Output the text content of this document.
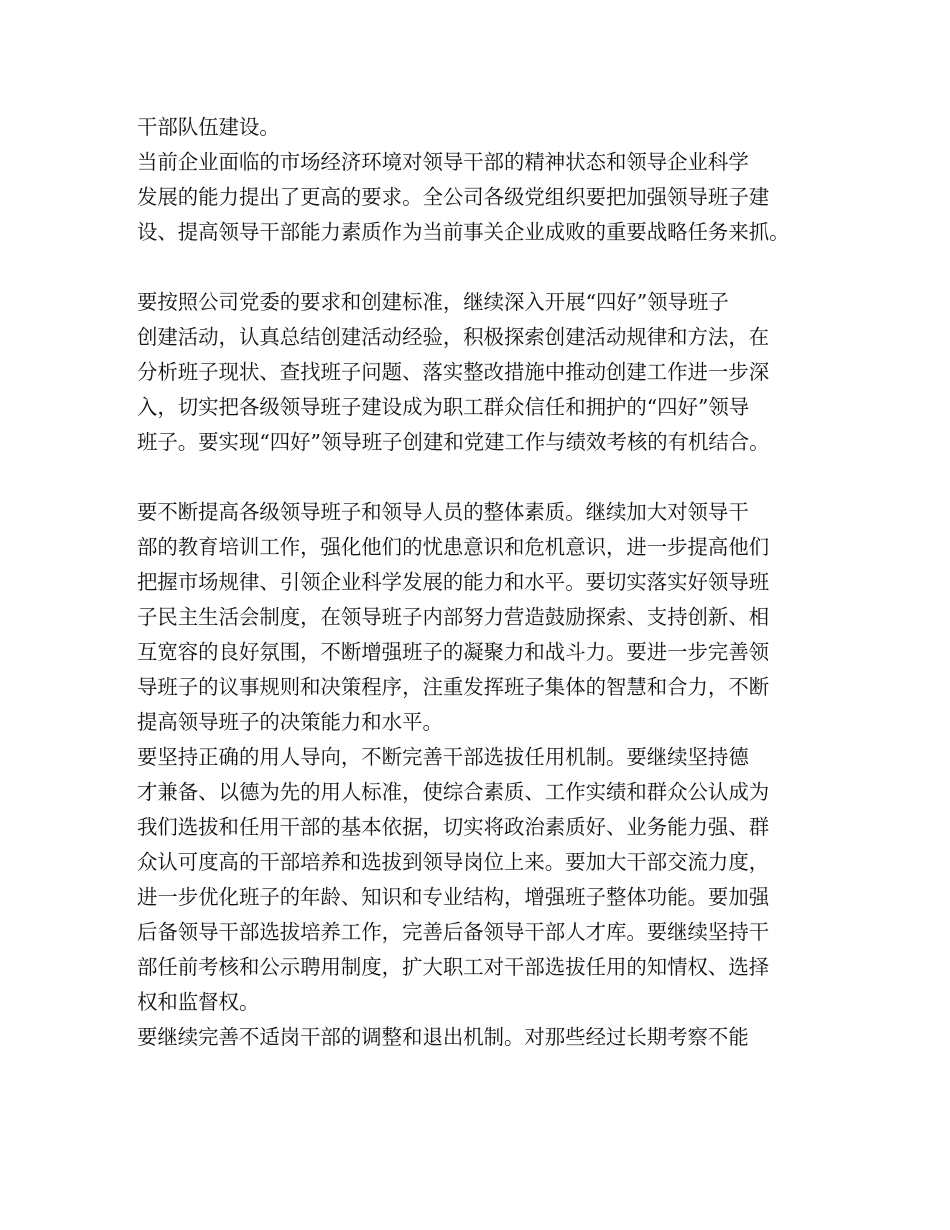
干部队伍建设。
当前企业面临的市场经济环境对领导干部的精神状态和领导企业科学
发展的能力提出了更高的要求。全公司各级党组织要把加强领导班子建
设、提高领导干部能力素质作为当前事关企业成败的重要战略任务来抓。
要按照公司党委的要求和创建标准，继续深入开展“四好”领导班子
创建活动，认真总结创建活动经验，积极探索创建活动规律和方法，在
分析班子现状、查找班子问题、落实整改措施中推动创建工作进一步深
入，切实把各级领导班子建设成为职工群众信任和拥护的“四好”领导
班子。要实现“四好”领导班子创建和党建工作与绩效考核的有机结合。
要不断提高各级领导班子和领导人员的整体素质。继续加大对领导干
部的教育培训工作，强化他们的忧患意识和危机意识，进一步提高他们
把握市场规律、引领企业科学发展的能力和水平。要切实落实好领导班
子民主生活会制度，在领导班子内部努力营造鼓励探索、支持创新、相
互宽容的良好氛围，不断增强班子的凝聚力和战斗力。要进一步完善领
导班子的议事规则和决策程序，注重发挥班子集体的智慧和合力，不断
提高领导班子的决策能力和水平。
要坚持正确的用人导向，不断完善干部选拔任用机制。要继续坚持德
才兼备、以德为先的用人标准，使综合素质、工作实绩和群众公认成为
我们选拔和任用干部的基本依据，切实将政治素质好、业务能力强、群
众认可度高的干部培养和选拔到领导岗位上来。要加大干部交流力度，
进一步优化班子的年龄、知识和专业结构，增强班子整体功能。要加强
后备领导干部选拔培养工作，完善后备领导干部人才库。要继续坚持干
部任前考核和公示聘用制度，扩大职工对干部选拔任用的知情权、选择
权和监督权。
要继续完善不适岗干部的调整和退出机制。对那些经过长期考察不能
